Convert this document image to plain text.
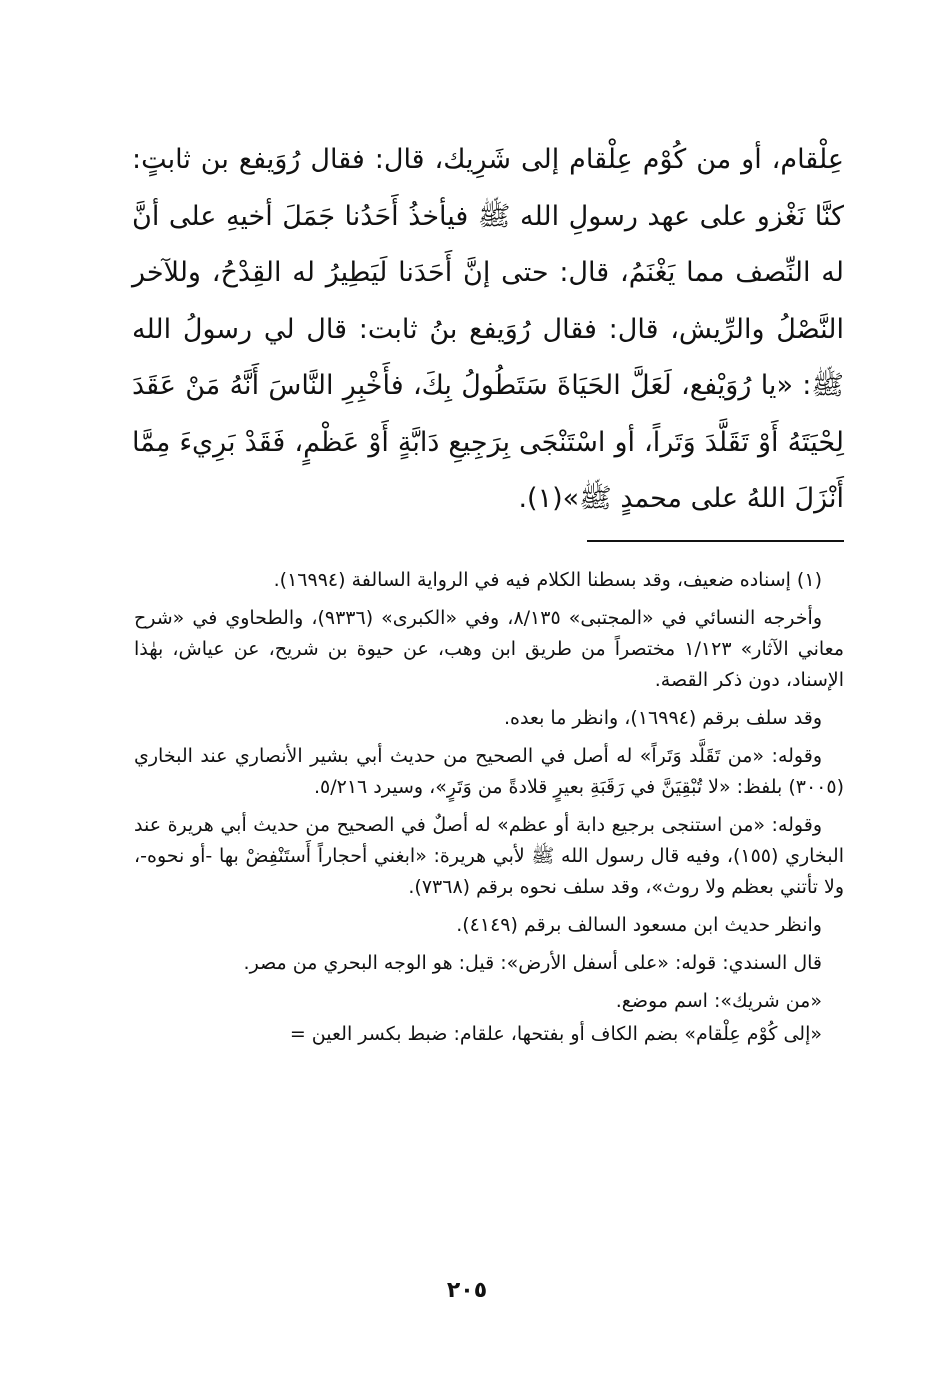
عِلْقام، أو من كُوْم عِلْقام إلى شَرِيك، قال: فقال رُوَيفع بن ثابتٍ: كنَّا نَغْزو على عهد رسولِ الله ﷺ فيأخذُ أَحَدُنا جَمَلَ أخيهِ على أنَّ له النِّصف مما يَغْنَمُ، قال: حتى إنَّ أَحَدَنا لَيَطِيرُ له القِدْحُ، وللآخر النَّصْلُ والرِّيش، قال: فقال رُوَيفع بنُ ثابت: قال لي رسولُ الله ﷺ: «يا رُوَيْفع، لَعَلَّ الحَيَاةَ سَتَطُولُ بِكَ، فأَخْبِرِ النَّاسَ أَنَّهُ مَنْ عَقَدَ لِحْيَتَهُ أَوْ تَقَلَّدَ وَتَراً، أو اسْتَنْجَى بِرَجِيعِ دَابَّةٍ أَوْ عَظْمٍ، فَقَدْ بَرِيءَ مِمَّا أَنْزَلَ اللهُ على محمدٍ ﷺ»(١).

(١) إسناده ضعيف، وقد بسطنا الكلام فيه في الرواية السالفة (١٦٩٩٤).

وأخرجه النسائي في «المجتبى» ٨/١٣٥، وفي «الكبرى» (٩٣٣٦)، والطحاوي في «شرح معاني الآثار» ١/١٢٣ مختصراً من طريق ابن وهب، عن حيوة بن شريح، عن عياش، بهٰذا الإسناد، دون ذكر القصة.

وقد سلف برقم (١٦٩٩٤)، وانظر ما بعده.

وقوله: «من تَقَلَّد وَتَراً» له أصل في الصحيح من حديث أبي بشير الأنصاري عند البخاري (٣٠٠٥) بلفظ: «لا تُبْقِيَنَّ في رَقَبَةِ بعيرٍ قلادةً من وَتَرٍ»، وسيرد ٥/٢١٦.

وقوله: «من استنجى برجيع دابة أو عظم» له أصلٌ في الصحيح من حديث أبي هريرة عند البخاري (١٥٥)، وفيه قال رسول الله ﷺ لأبي هريرة: «ابغني أحجاراً أَستَنْفِضْ بها -أو نحوه-، ولا تأتني بعظم ولا روث»، وقد سلف نحوه برقم (٧٣٦٨).

وانظر حديث ابن مسعود السالف برقم (٤١٤٩).

قال السندي: قوله: «على أسفل الأرض»: قيل: هو الوجه البحري من مصر.

«من شريك»: اسم موضع.

«إلى كُوْم عِلْقام» بضم الكاف أو بفتحها، علقام: ضبط بكسر العين =

٢٠٥
